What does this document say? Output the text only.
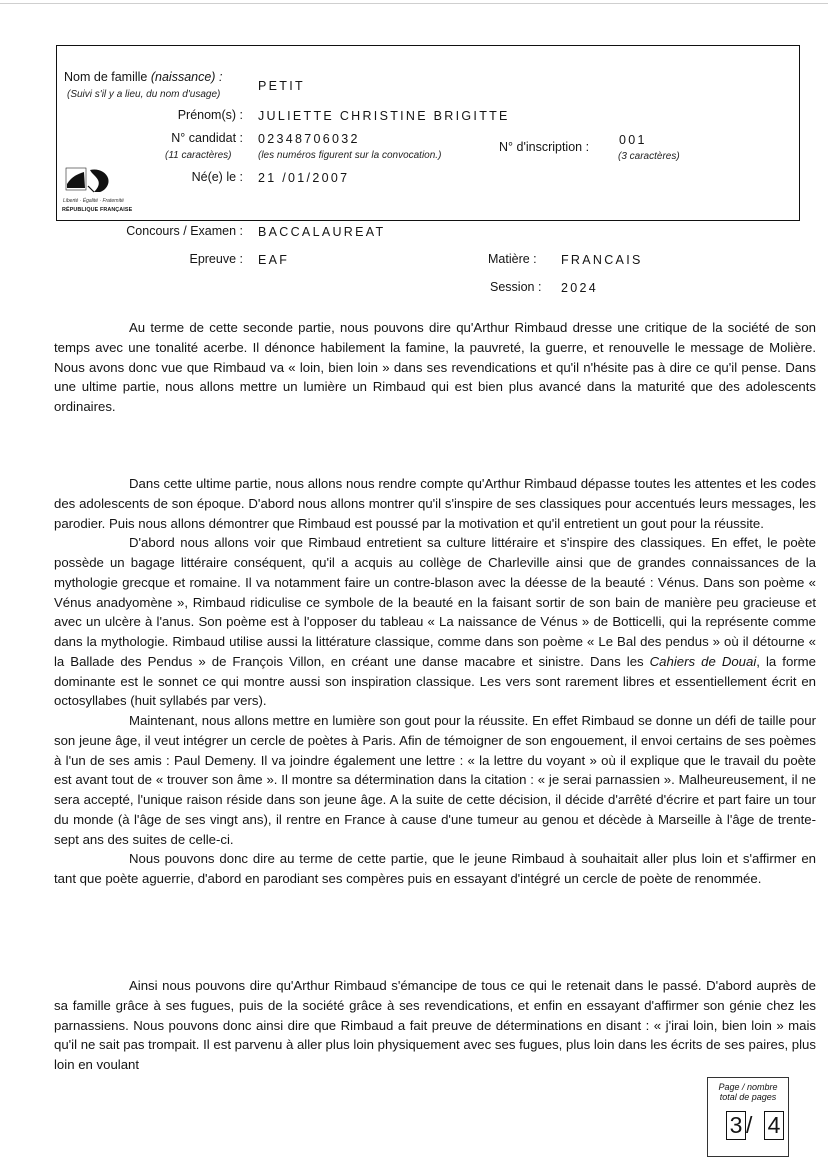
Nom de famille (naissance) :
(Suivi s'il y a lieu, du nom d'usage)
PETIT
Prénom(s) : JULIETTE CHRISTINE BRIGITTE
N° candidat :
(11 caractères)
02348706032
(les numéros figurent sur la convocation.)
N° d'inscription : 001
(3 caractères)
Né(e) le : 21 /01/2007
Liberté · Égalité · Fraternité
RÉPUBLIQUE FRANÇAISE
Concours / Examen : BACCALAUREAT
Epreuve : EAF	Matière : FRANCAIS
Session : 2024

Au terme de cette seconde partie, nous pouvons dire qu'Arthur Rimbaud dresse une critique de la société de son temps avec une tonalité acerbe. Il dénonce habilement la famine, la pauvreté, la guerre, et renouvelle le message de Molière. Nous avons donc vue que Rimbaud va « loin, bien loin » dans ses revendications et qu'il n'hésite pas à dire ce qu'il pense. Dans une ultime partie, nous allons mettre un lumière un Rimbaud qui est bien plus avancé dans la maturité que des adolescents ordinaires.

Dans cette ultime partie, nous allons nous rendre compte qu'Arthur Rimbaud dépasse toutes les attentes et les codes des adolescents de son époque. D'abord nous allons montrer qu'il s'inspire de ses classiques pour accentués leurs messages, les parodier. Puis nous allons démontrer que Rimbaud est poussé par la motivation et qu'il entretient un gout pour la réussite.

D'abord nous allons voir que Rimbaud entretient sa culture littéraire et s'inspire des classiques. En effet, le poète possède un bagage littéraire conséquent, qu'il a acquis au collège de Charleville ainsi que de grandes connaissances de la mythologie grecque et romaine. Il va notamment faire un contre-blason avec la déesse de la beauté : Vénus. Dans son poème « Vénus anadyomène », Rimbaud ridiculise ce symbole de la beauté en la faisant sortir de son bain de manière peu gracieuse et avec un ulcère à l'anus. Son poème est à l'opposer du tableau « La naissance de Vénus » de Botticelli, qui la représente comme dans la mythologie. Rimbaud utilise aussi la littérature classique, comme dans son poème « Le Bal des pendus » où il détourne « la Ballade des Pendus » de François Villon, en créant une danse macabre et sinistre. Dans les Cahiers de Douai, la forme dominante est le sonnet ce qui montre aussi son inspiration classique. Les vers sont rarement libres et essentiellement écrit en octosyllabes (huit syllabés par vers).

Maintenant, nous allons mettre en lumière son gout pour la réussite. En effet Rimbaud se donne un défi de taille pour son jeune âge, il veut intégrer un cercle de poètes à Paris. Afin de témoigner de son engouement, il envoi certains de ses poèmes à l'un de ses amis : Paul Demeny. Il va joindre également une lettre : « la lettre du voyant » où il explique que le travail du poète est avant tout de « trouver son âme ». Il montre sa détermination dans la citation : « je serai parnassien ». Malheureusement, il ne sera accepté, l'unique raison réside dans son jeune âge. A la suite de cette décision, il décide d'arrêté d'écrire et part faire un tour du monde (à l'âge de ses vingt ans), il rentre en France à cause d'une tumeur au genou et décède à Marseille à l'âge de trente-sept ans des suites de celle-ci.

Nous pouvons donc dire au terme de cette partie, que le jeune Rimbaud à souhaitait aller plus loin et s'affirmer en tant que poète aguerrie, d'abord en parodiant ses compères puis en essayant d'intégré un cercle de poète de renommée.

Ainsi nous pouvons dire qu'Arthur Rimbaud s'émancipe de tous ce qui le retenait dans le passé. D'abord auprès de sa famille grâce à ses fugues, puis de la société grâce à ses revendications, et enfin en essayant d'affirmer son génie chez les parnassiens. Nous pouvons donc ainsi dire que Rimbaud a fait preuve de déterminations en disant : « j'irai loin, bien loin » mais qu'il ne sait pas trompait. Il est parvenu à aller plus loin physiquement avec ses fugues, plus loin dans les écrits de ses paires, plus loin en voulant

Page / nombre
total de pages
3 / 4
